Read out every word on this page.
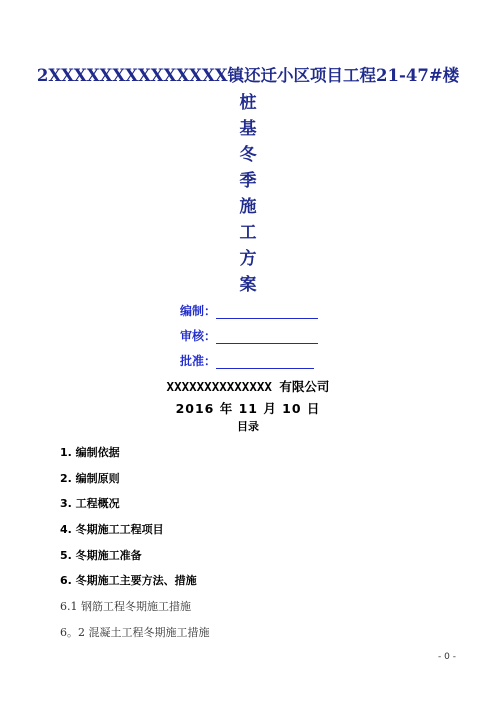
2XXXXXXXXXXXXXX镇还迁小区项目工程21-47#楼
桩
基
冬
季
施
工
方
案
编制：
审核：
批准：
XXXXXXXXXXXXXX 有限公司
2016 年 11 月 10 日
目录
1. 编制依据
2. 编制原则
3. 工程概况
4. 冬期施工工程项目
5. 冬期施工准备
6. 冬期施工主要方法、措施
6.1 钢筋工程冬期施工措施
6。2 混凝土工程冬期施工措施
- 0 -
